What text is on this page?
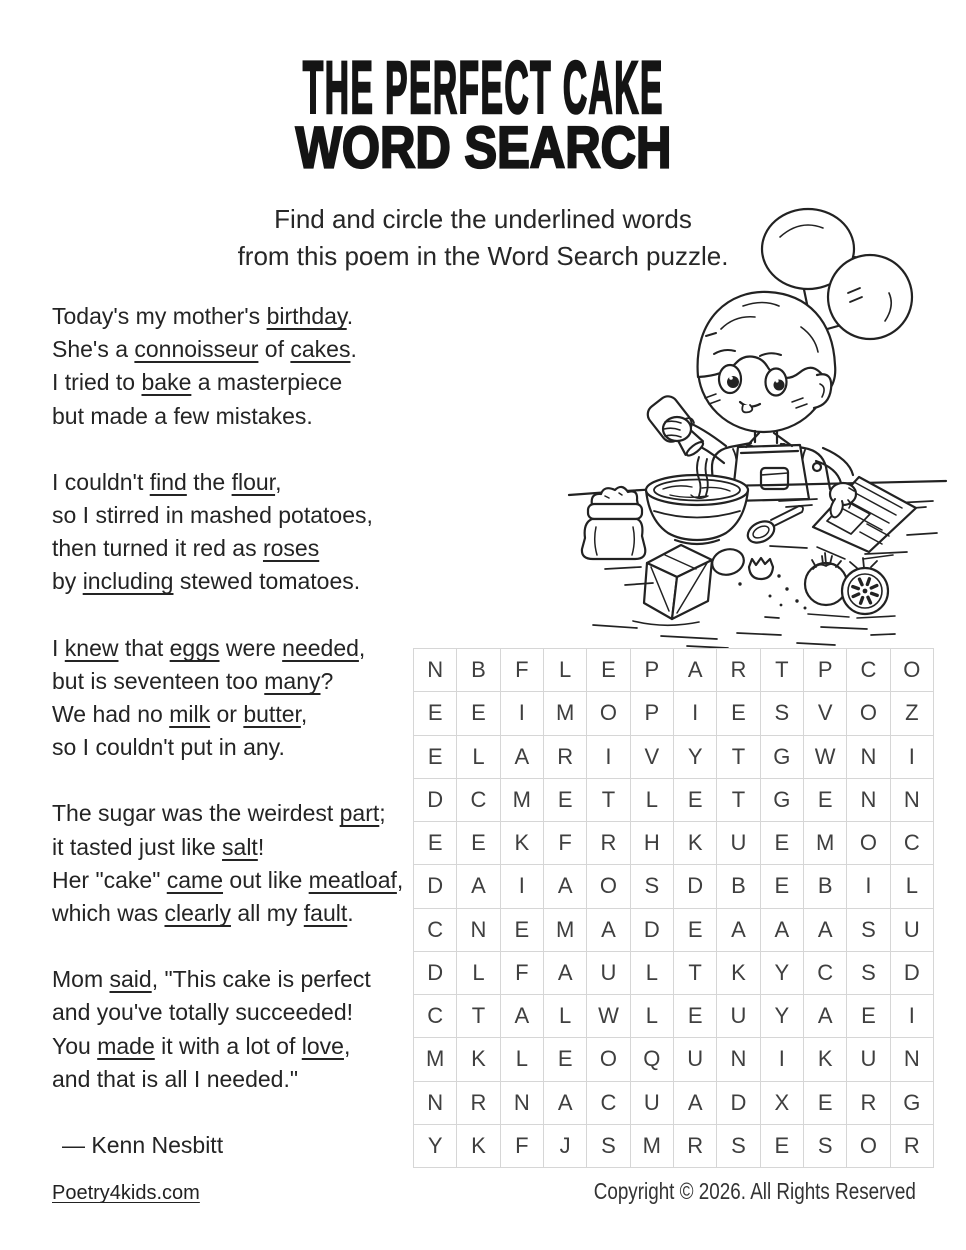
THE PERFECT CAKE
WORD SEARCH
Find and circle the underlined words
from this poem in the Word Search puzzle.
Today's my mother's birthday.
She's a connoisseur of cakes.
I tried to bake a masterpiece
but made a few mistakes.
I couldn't find the flour,
so I stirred in mashed potatoes,
then turned it red as roses
by including stewed tomatoes.
I knew that eggs were needed,
but is seventeen too many?
We had no milk or butter,
so I couldn't put in any.
The sugar was the weirdest part;
it tasted just like salt!
Her "cake" came out like meatloaf,
which was clearly all my fault.
Mom said, "This cake is perfect
and you've totally succeeded!
You made it with a lot of love,
and that is all I needed."
— Kenn Nesbitt
N	B	F	L	E	P	A	R	T	P	C	O
E	E	I	M	O	P	I	E	S	V	O	Z
E	L	A	R	I	V	Y	T	G	W	N	I
D	C	M	E	T	L	E	T	G	E	N	N
E	E	K	F	R	H	K	U	E	M	O	C
D	A	I	A	O	S	D	B	E	B	I	L
C	N	E	M	A	D	E	A	A	A	S	U
D	L	F	A	U	L	T	K	Y	C	S	D
C	T	A	L	W	L	E	U	Y	A	E	I
M	K	L	E	O	Q	U	N	I	K	U	N
N	R	N	A	C	U	A	D	X	E	R	G
Y	K	F	J	S	M	R	S	E	S	O	R
Poetry4kids.com	Copyright © 2026. All Rights Reserved
